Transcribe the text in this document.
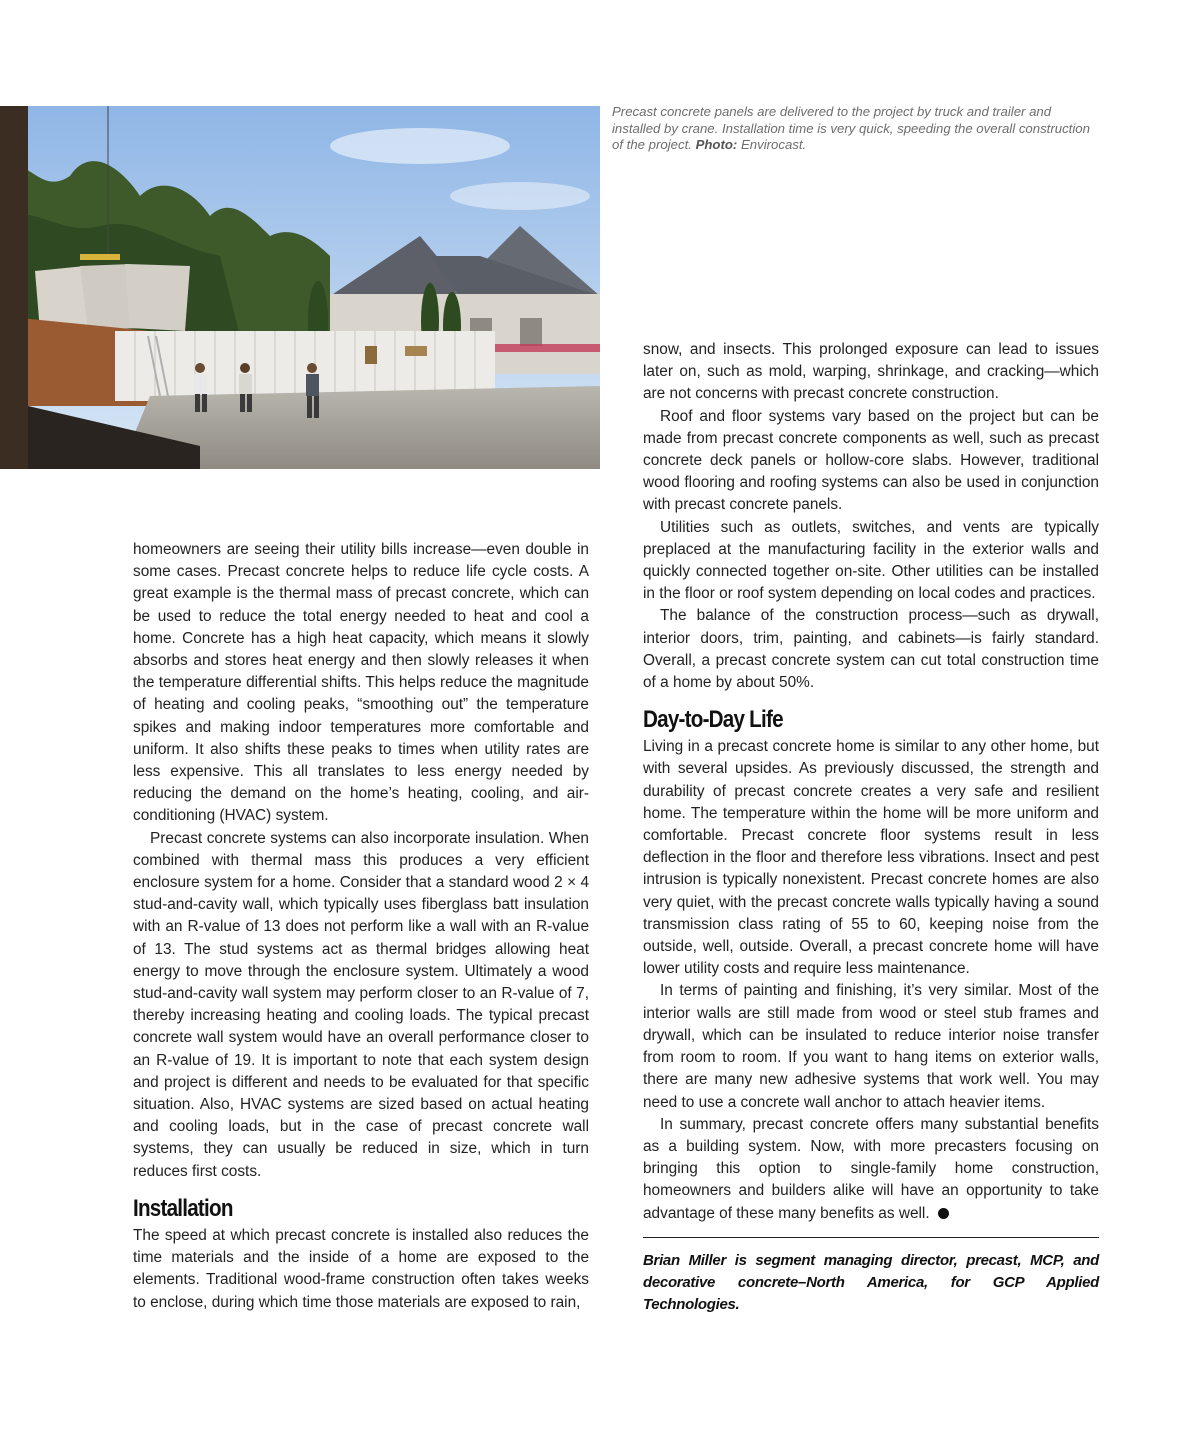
Precast concrete panels are delivered to the project by truck and trailer and installed by crane. Installation time is very quick, speeding the overall construction of the project. Photo: Envirocast.

homeowners are seeing their utility bills increase—even double in some cases. Precast concrete helps to reduce life cycle costs. A great example is the thermal mass of precast concrete, which can be used to reduce the total energy needed to heat and cool a home. Concrete has a high heat capacity, which means it slowly absorbs and stores heat energy and then slowly releases it when the temperature differential shifts. This helps reduce the magnitude of heating and cooling peaks, “smoothing out” the temperature spikes and making indoor temperatures more comfortable and uniform. It also shifts these peaks to times when utility rates are less expensive. This all translates to less energy needed by reducing the demand on the home’s heating, cooling, and air-conditioning (HVAC) system.

Precast concrete systems can also incorporate insulation. When combined with thermal mass this produces a very efficient enclosure system for a home. Consider that a standard wood 2 × 4 stud-and-cavity wall, which typically uses fiberglass batt insulation with an R-value of 13 does not perform like a wall with an R-value of 13. The stud systems act as thermal bridges allowing heat energy to move through the enclosure system. Ultimately a wood stud-and-cavity wall system may perform closer to an R-value of 7, thereby increasing heating and cooling loads. The typical precast concrete wall system would have an overall performance closer to an R-value of 19. It is important to note that each system design and project is different and needs to be evaluated for that specific situation. Also, HVAC systems are sized based on actual heating and cooling loads, but in the case of precast concrete wall systems, they can usually be reduced in size, which in turn reduces first costs.

Installation

The speed at which precast concrete is installed also reduces the time materials and the inside of a home are exposed to the elements. Traditional wood-frame construction often takes weeks to enclose, during which time those materials are exposed to rain,

snow, and insects. This prolonged exposure can lead to issues later on, such as mold, warping, shrinkage, and cracking—which are not concerns with precast concrete construction.

Roof and floor systems vary based on the project but can be made from precast concrete components as well, such as precast concrete deck panels or hollow-core slabs. However, traditional wood flooring and roofing systems can also be used in conjunction with precast concrete panels.

Utilities such as outlets, switches, and vents are typically preplaced at the manufacturing facility in the exterior walls and quickly connected together on-site. Other utilities can be installed in the floor or roof system depending on local codes and practices.

The balance of the construction process—such as drywall, interior doors, trim, painting, and cabinets—is fairly standard. Overall, a precast concrete system can cut total construction time of a home by about 50%.

Day-to-Day Life

Living in a precast concrete home is similar to any other home, but with several upsides. As previously discussed, the strength and durability of precast concrete creates a very safe and resilient home. The temperature within the home will be more uniform and comfortable. Precast concrete floor systems result in less deflection in the floor and therefore less vibrations. Insect and pest intrusion is typically nonexistent. Precast concrete homes are also very quiet, with the precast concrete walls typically having a sound transmission class rating of 55 to 60, keeping noise from the outside, well, outside. Overall, a precast concrete home will have lower utility costs and require less maintenance.

In terms of painting and finishing, it’s very similar. Most of the interior walls are still made from wood or steel stub frames and drywall, which can be insulated to reduce interior noise transfer from room to room. If you want to hang items on exterior walls, there are many new adhesive systems that work well. You may need to use a concrete wall anchor to attach heavier items.

In summary, precast concrete offers many substantial benefits as a building system. Now, with more precasters focusing on bringing this option to single-family home construction, homeowners and builders alike will have an opportunity to take advantage of these many benefits as well.

Brian Miller is segment managing director, precast, MCP, and decorative concrete–North America, for GCP Applied Technologies.
